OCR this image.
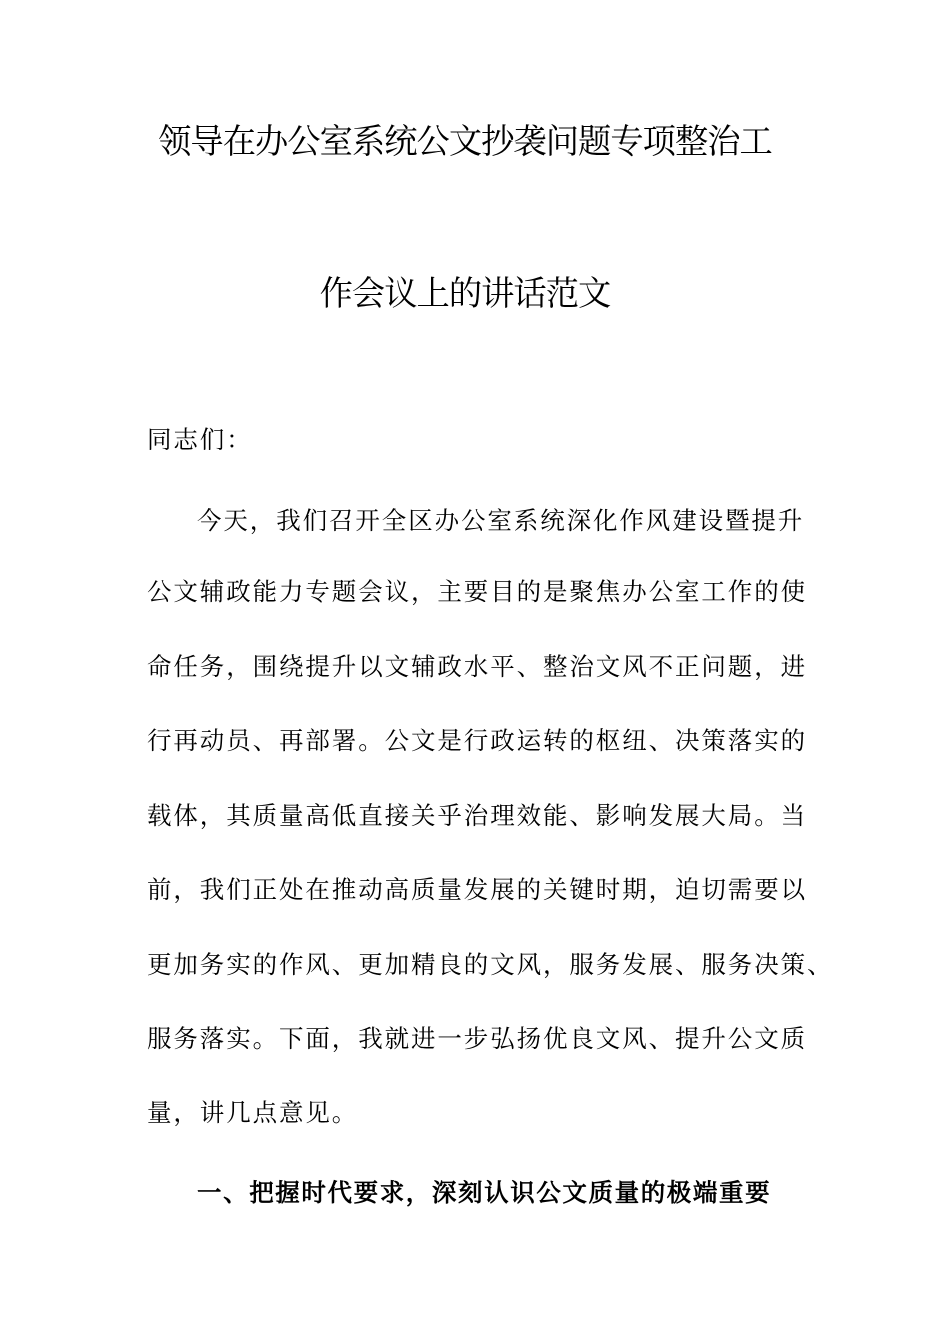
领导在办公室系统公文抄袭问题专项整治工
作会议上的讲话范文
同志们：
今天，我们召开全区办公室系统深化作风建设暨提升
公文辅政能力专题会议，主要目的是聚焦办公室工作的使
命任务，围绕提升以文辅政水平、整治文风不正问题，进
行再动员、再部署。公文是行政运转的枢纽、决策落实的
载体，其质量高低直接关乎治理效能、影响发展大局。当
前，我们正处在推动高质量发展的关键时期，迫切需要以
更加务实的作风、更加精良的文风，服务发展、服务决策、
服务落实。下面，我就进一步弘扬优良文风、提升公文质
量，讲几点意见。
一、把握时代要求，深刻认识公文质量的极端重要
